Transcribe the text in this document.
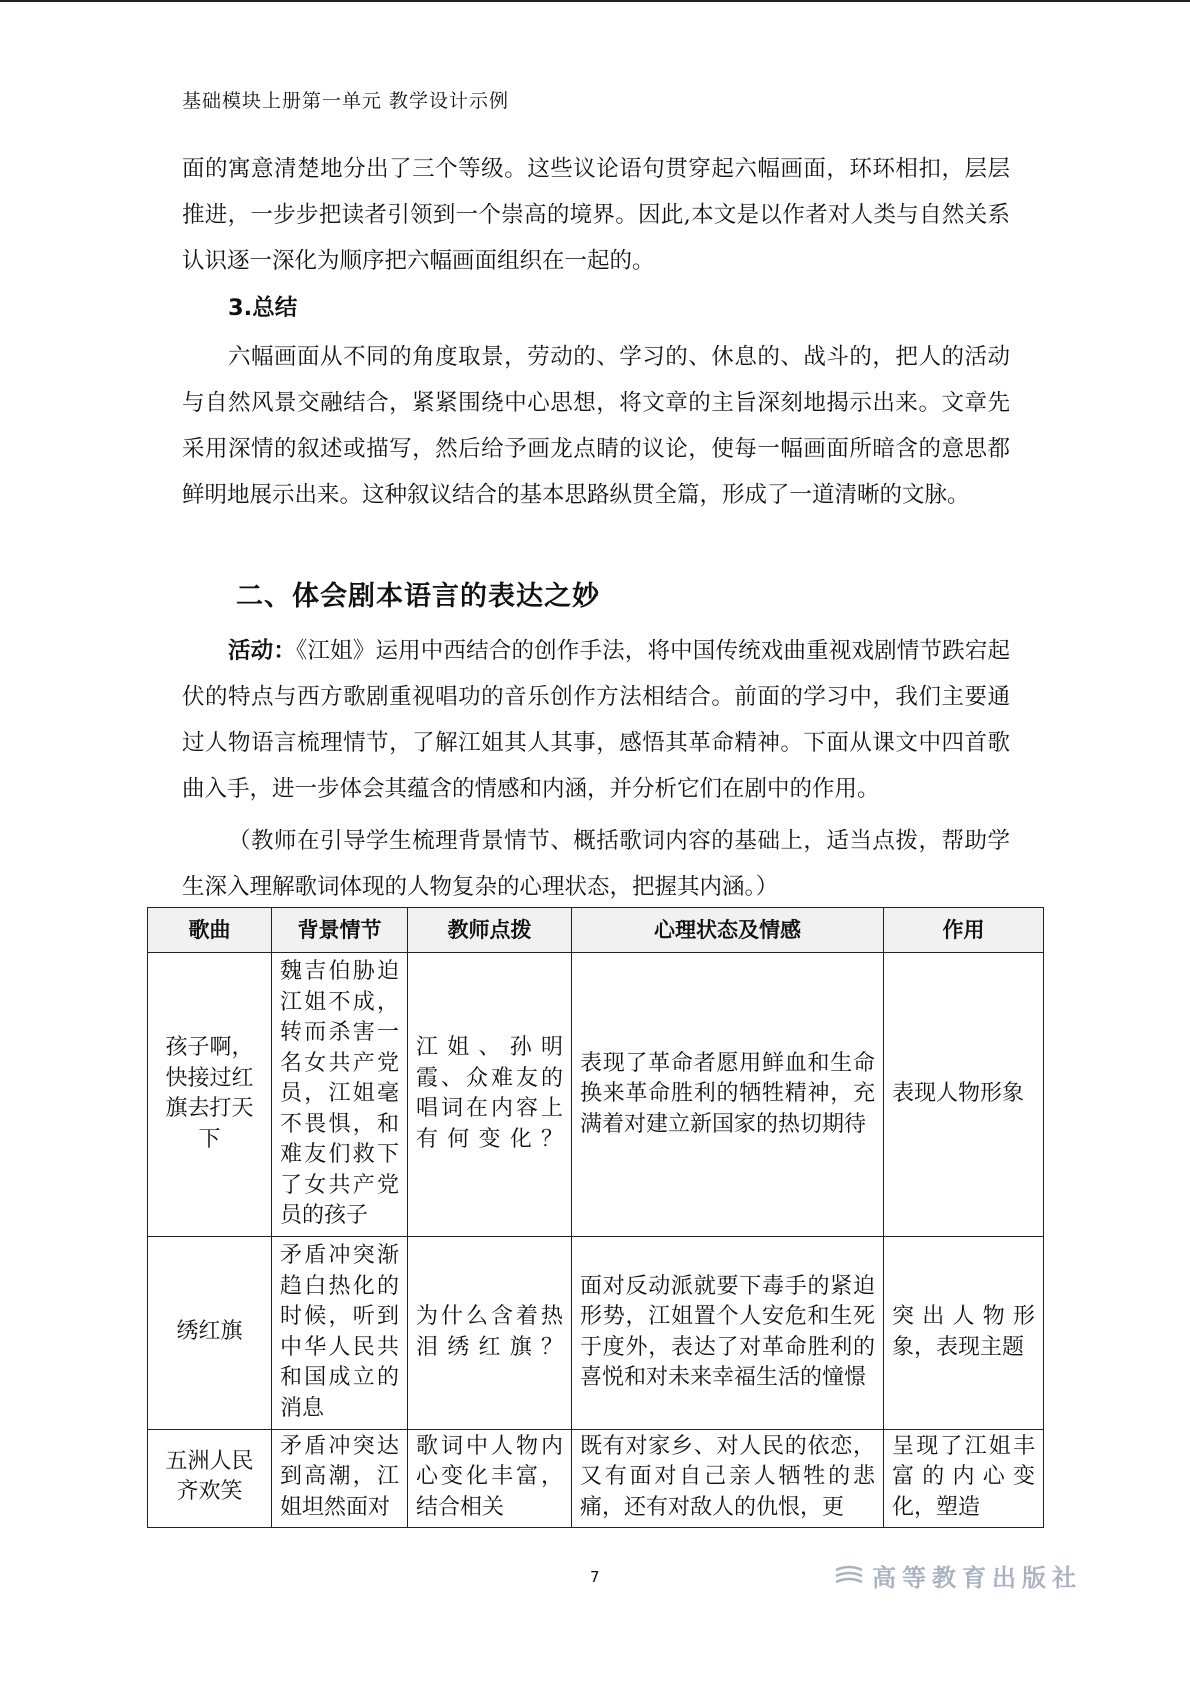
基础模块上册第一单元 教学设计示例

面的寓意清楚地分出了三个等级。这些议论语句贯穿起六幅画面，环环相扣，层层推进，一步步把读者引领到一个崇高的境界。因此,本文是以作者对人类与自然关系认识逐一深化为顺序把六幅画面组织在一起的。

3.总结

六幅画面从不同的角度取景，劳动的、学习的、休息的、战斗的，把人的活动与自然风景交融结合，紧紧围绕中心思想，将文章的主旨深刻地揭示出来。文章先采用深情的叙述或描写，然后给予画龙点睛的议论，使每一幅画面所暗含的意思都鲜明地展示出来。这种叙议结合的基本思路纵贯全篇，形成了一道清晰的文脉。

二、体会剧本语言的表达之妙

活动：《江姐》运用中西结合的创作手法，将中国传统戏曲重视戏剧情节跌宕起伏的特点与西方歌剧重视唱功的音乐创作方法相结合。前面的学习中，我们主要通过人物语言梳理情节，了解江姐其人其事，感悟其革命精神。下面从课文中四首歌曲入手，进一步体会其蕴含的情感和内涵，并分析它们在剧中的作用。

（教师在引导学生梳理背景情节、概括歌词内容的基础上，适当点拨，帮助学生深入理解歌词体现的人物复杂的心理状态，把握其内涵。）

歌曲	背景情节	教师点拨	心理状态及情感	作用
孩子啊，快接过红旗去打天下	魏吉伯胁迫江姐不成，转而杀害一名女共产党员，江姐毫不畏惧，和难友们救下了女共产党员的孩子	江姐、孙明霞、众难友的唱词在内容上有何变化？	表现了革命者愿用鲜血和生命换来革命胜利的牺牲精神，充满着对建立新国家的热切期待	表现人物形象
绣红旗	矛盾冲突渐趋白热化的时候，听到中华人民共和国成立的消息	为什么含着热泪绣红旗？	面对反动派就要下毒手的紧迫形势，江姐置个人安危和生死于度外，表达了对革命胜利的喜悦和对未来幸福生活的憧憬	突出人物形象，表现主题
五洲人民齐欢笑	矛盾冲突达到高潮，江姐坦然面对	歌词中人物内心变化丰富，结合相关	既有对家乡、对人民的依恋，又有面对自己亲人牺牲的悲痛，还有对敌人的仇恨，更	呈现了江姐丰富的内心变化，塑造
7	高等教育出版社
